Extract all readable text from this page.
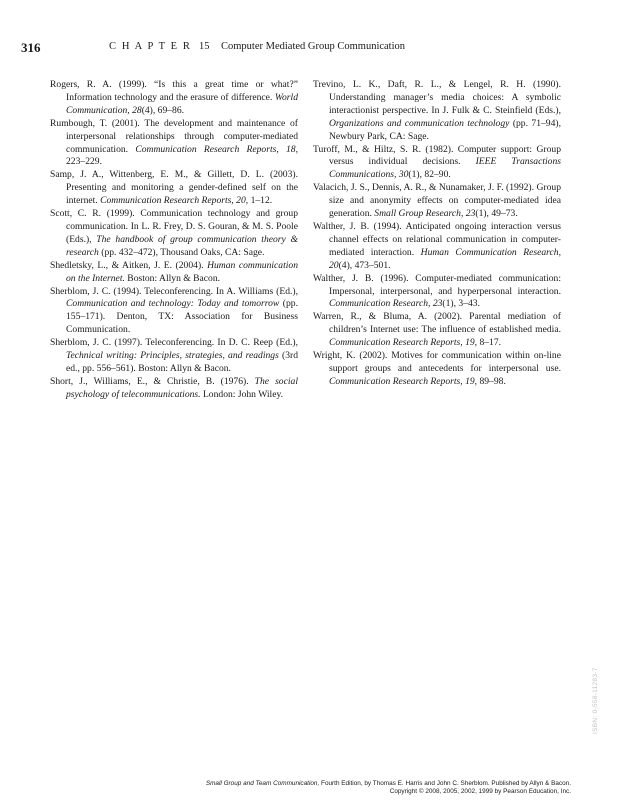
316	C H A P T E R 15 Computer Mediated Group Communication

Rogers, R. A. (1999). “Is this a great time or what?” Information technology and the erasure of difference. World Communication, 28(4), 69–86.

Rumbough, T. (2001). The development and maintenance of interpersonal relationships through computer-mediated communication. Communication Research Reports, 18, 223–229.

Samp, J. A., Wittenberg, E. M., & Gillett, D. L. (2003). Presenting and monitoring a gender-defined self on the internet. Communication Research Reports, 20, 1–12.

Scott, C. R. (1999). Communication technology and group communication. In L. R. Frey, D. S. Gouran, & M. S. Poole (Eds.), The handbook of group communication theory & research (pp. 432–472), Thousand Oaks, CA: Sage.

Shedletsky, L., & Aitken, J. E. (2004). Human communication on the Internet. Boston: Allyn & Bacon.

Sherblom, J. C. (1994). Teleconferencing. In A. Williams (Ed.), Communication and technology: Today and tomorrow (pp. 155–171). Denton, TX: Association for Business Communication.

Sherblom, J. C. (1997). Teleconferencing. In D. C. Reep (Ed.), Technical writing: Principles, strategies, and readings (3rd ed., pp. 556–561). Boston: Allyn & Bacon.

Short, J., Williams, E., & Christie, B. (1976). The social psychology of telecommunications. London: John Wiley.

Trevino, L. K., Daft, R. L., & Lengel, R. H. (1990). Understanding manager’s media choices: A symbolic interactionist perspective. In J. Fulk & C. Steinfield (Eds.), Organizations and communication technology (pp. 71–94), Newbury Park, CA: Sage.

Turoff, M., & Hiltz, S. R. (1982). Computer support: Group versus individual decisions. IEEE Transactions Communications, 30(1), 82–90.

Valacich, J. S., Dennis, A. R., & Nunamaker, J. F. (1992). Group size and anonymity effects on computer-mediated idea generation. Small Group Research, 23(1), 49–73.

Walther, J. B. (1994). Anticipated ongoing interaction versus channel effects on relational communication in computer-mediated interaction. Human Communication Research, 20(4), 473–501.

Walther, J. B. (1996). Computer-mediated communication: Impersonal, interpersonal, and hyperpersonal interaction. Communication Research, 23(1), 3–43.

Warren, R., & Bluma, A. (2002). Parental mediation of children’s Internet use: The influence of established media. Communication Research Reports, 19, 8–17.

Wright, K. (2002). Motives for communication within on-line support groups and antecedents for interpersonal use. Communication Research Reports, 19, 89–98.

ISBN: 0-558-11283-7
Small Group and Team Communication, Fourth Edition, by Thomas E. Harris and John C. Sherblom. Published by Allyn & Bacon.
Copyright © 2008, 2005, 2002, 1999 by Pearson Education, Inc.
